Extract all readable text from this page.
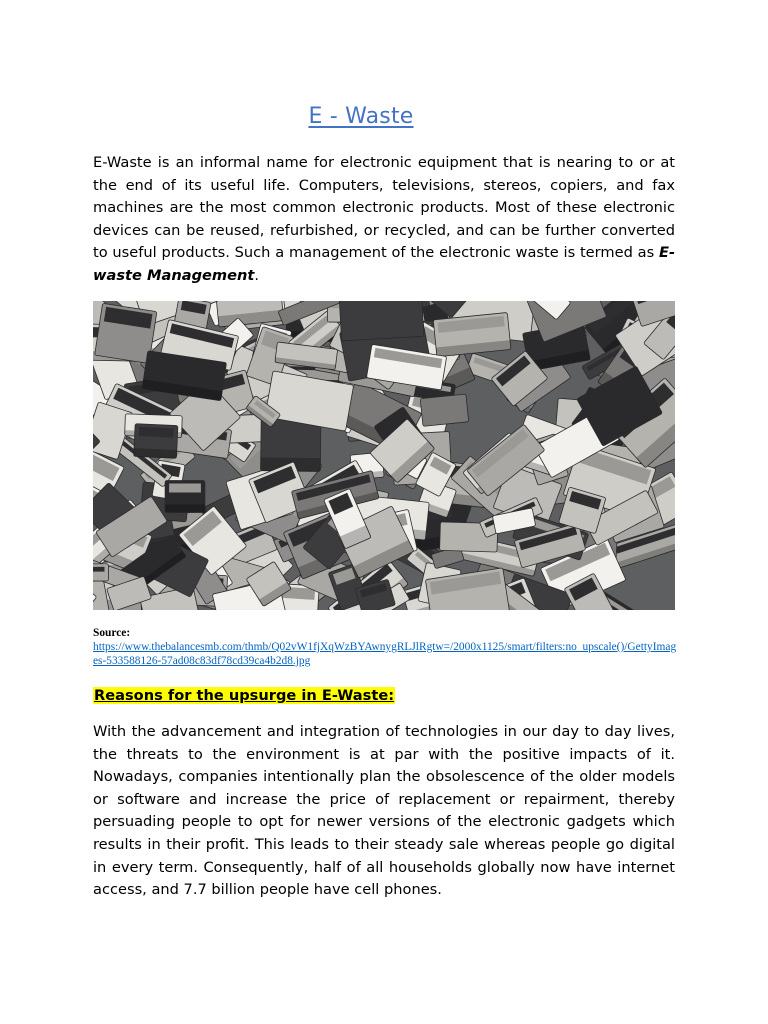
E - Waste

E-Waste is an informal name for electronic equipment that is nearing to or at the end of its useful life. Computers, televisions, stereos, copiers, and fax machines are the most common electronic products. Most of these electronic devices can be reused, refurbished, or recycled, and can be further converted to useful products. Such a management of the electronic waste is termed as E-waste Management.

Source:
https://www.thebalancesmb.com/thmb/Q02vW1fjXqWzBYAwnygRLJlRgtw=/2000x1125/smart/filters:no_upscale()/GettyImages-533588126-57ad08c83df78cd39ca4b2d8.jpg
Reasons for the upsurge in E-Waste:

With the advancement and integration of technologies in our day to day lives, the threats to the environment is at par with the positive impacts of it. Nowadays, companies intentionally plan the obsolescence of the older models or software and increase the price of replacement or repairment, thereby persuading people to opt for newer versions of the electronic gadgets which results in their profit. This leads to their steady sale whereas people go digital in every term. Consequently, half of all households globally now have internet access, and 7.7 billion people have cell phones.
